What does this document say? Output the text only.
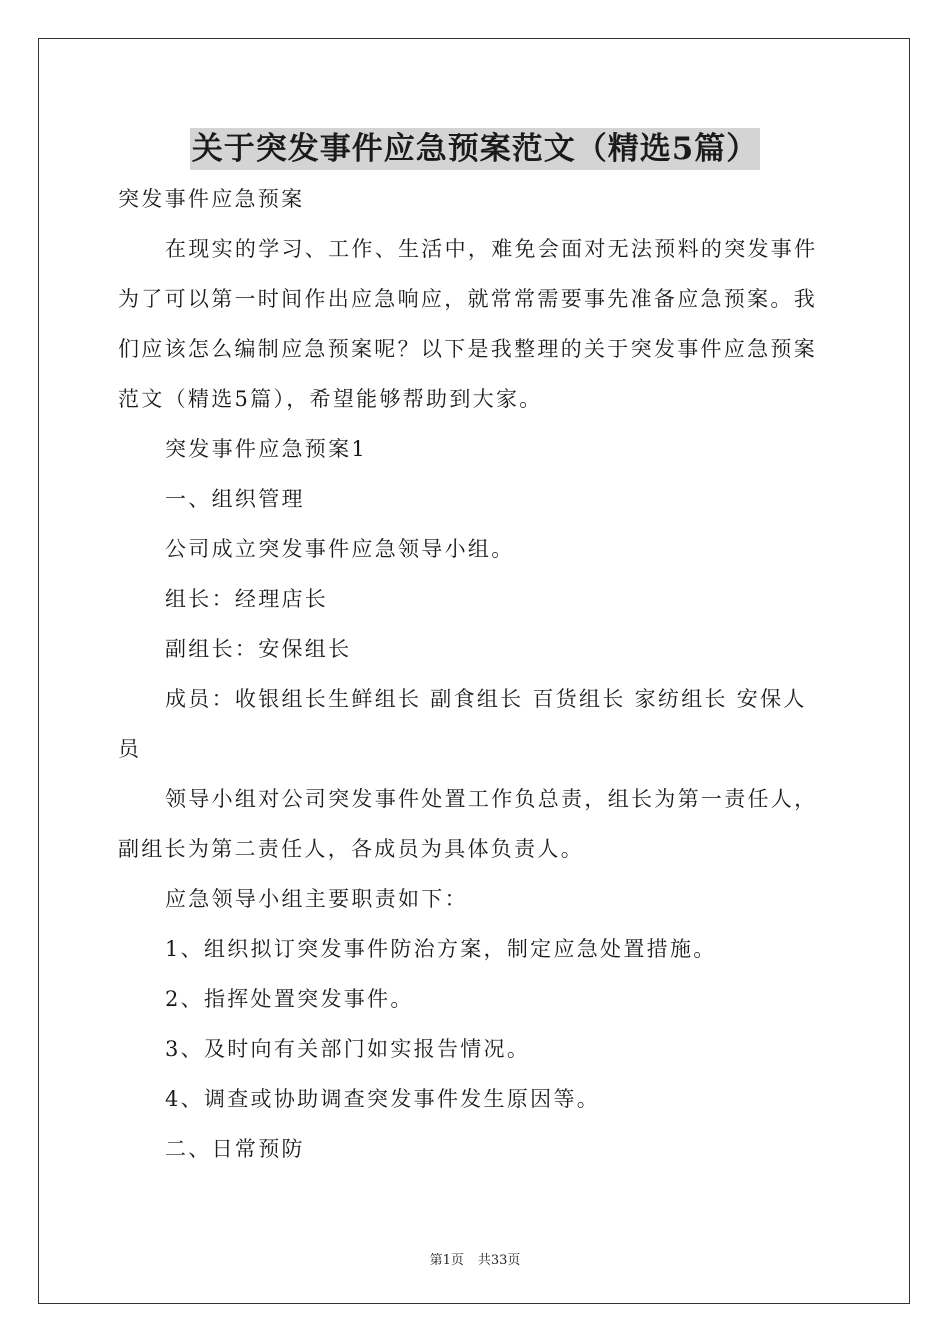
关于突发事件应急预案范文（精选5篇）
突发事件应急预案
在现实的学习、工作、生活中，难免会面对无法预料的突发事件
为了可以第一时间作出应急响应，就常常需要事先准备应急预案。我
们应该怎么编制应急预案呢？以下是我整理的关于突发事件应急预案
范文（精选5篇），希望能够帮助到大家。
突发事件应急预案1
一、组织管理
公司成立突发事件应急领导小组。
组长：经理店长
副组长：安保组长
成员：收银组长生鲜组长 副食组长 百货组长 家纺组长 安保人
员
领导小组对公司突发事件处置工作负总责，组长为第一责任人，
副组长为第二责任人，各成员为具体负责人。
应急领导小组主要职责如下：
1、组织拟订突发事件防治方案，制定应急处置措施。
2、指挥处置突发事件。
3、及时向有关部门如实报告情况。
4、调查或协助调查突发事件发生原因等。
二、日常预防
第1页 共33页
